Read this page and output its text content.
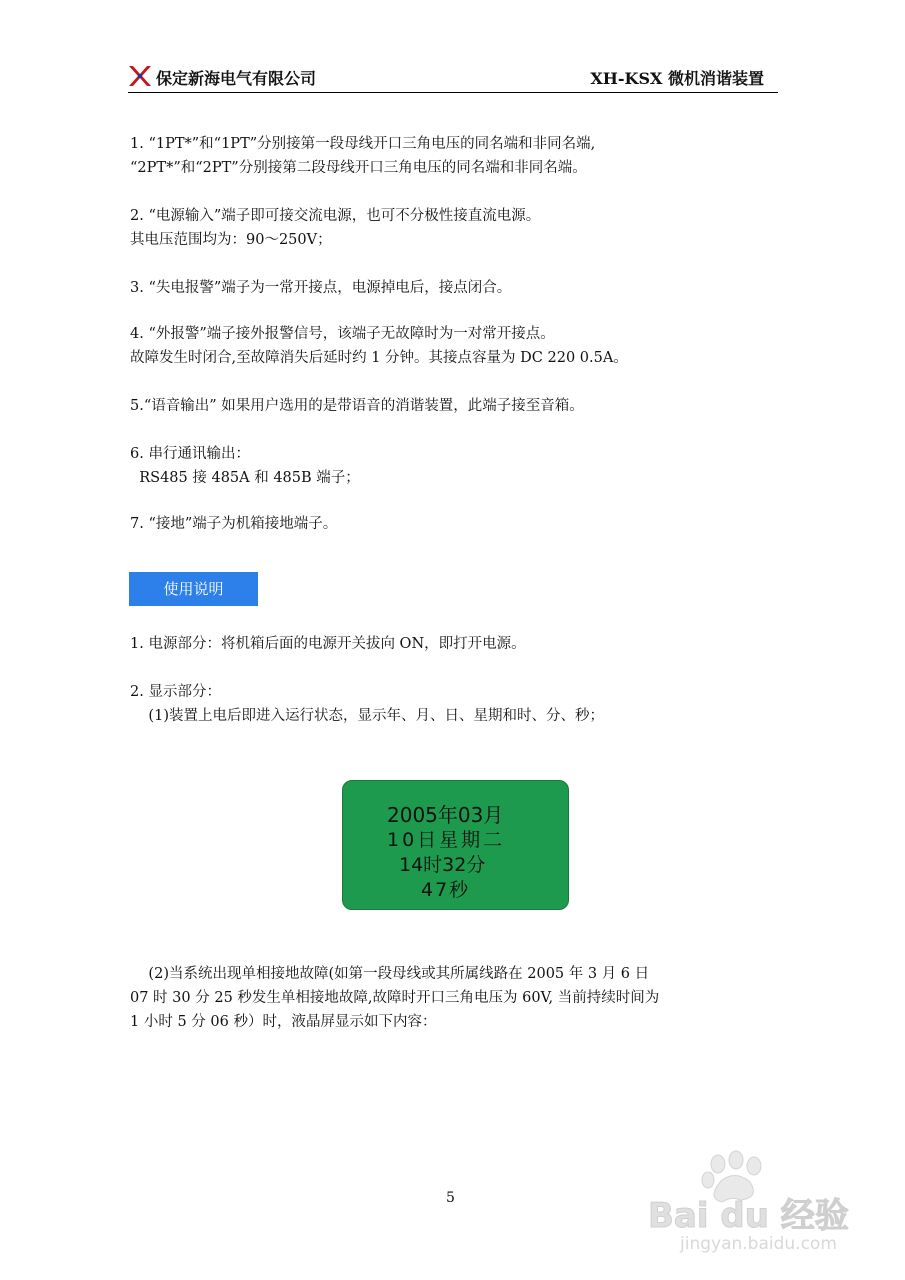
保定新海电气有限公司	XH-KSX 微机消谐装置
1. “1PT*”和“1PT”分别接第一段母线开口三角电压的同名端和非同名端,
“2PT*”和“2PT”分别接第二段母线开口三角电压的同名端和非同名端。
2. “电源输入”端子即可接交流电源，也可不分极性接直流电源。
其电压范围均为：90～250V；
3. “失电报警”端子为一常开接点，电源掉电后，接点闭合。
4. “外报警”端子接外报警信号，该端子无故障时为一对常开接点。
故障发生时闭合,至故障消失后延时约 1 分钟。其接点容量为 DC 220 0.5A。
5.“语音输出” 如果用户选用的是带语音的消谐装置，此端子接至音箱。
6. 串行通讯输出：
RS485 接 485A 和 485B 端子；
7. “接地”端子为机箱接地端子。
使用说明
1. 电源部分：将机箱后面的电源开关拔向 ON，即打开电源。
2. 显示部分：
(1)装置上电后即进入运行状态，显示年、月、日、星期和时、分、秒；
2005年03月
10日星期二
14时32分
47秒
(2)当系统出现单相接地故障(如第一段母线或其所属线路在 2005 年 3 月 6 日
07 时 30 分 25 秒发生单相接地故障,故障时开口三角电压为 60V, 当前持续时间为
1 小时 5 分 06 秒）时，液晶屏显示如下内容：
5	Bai du 经验
jingyan.baidu.com
